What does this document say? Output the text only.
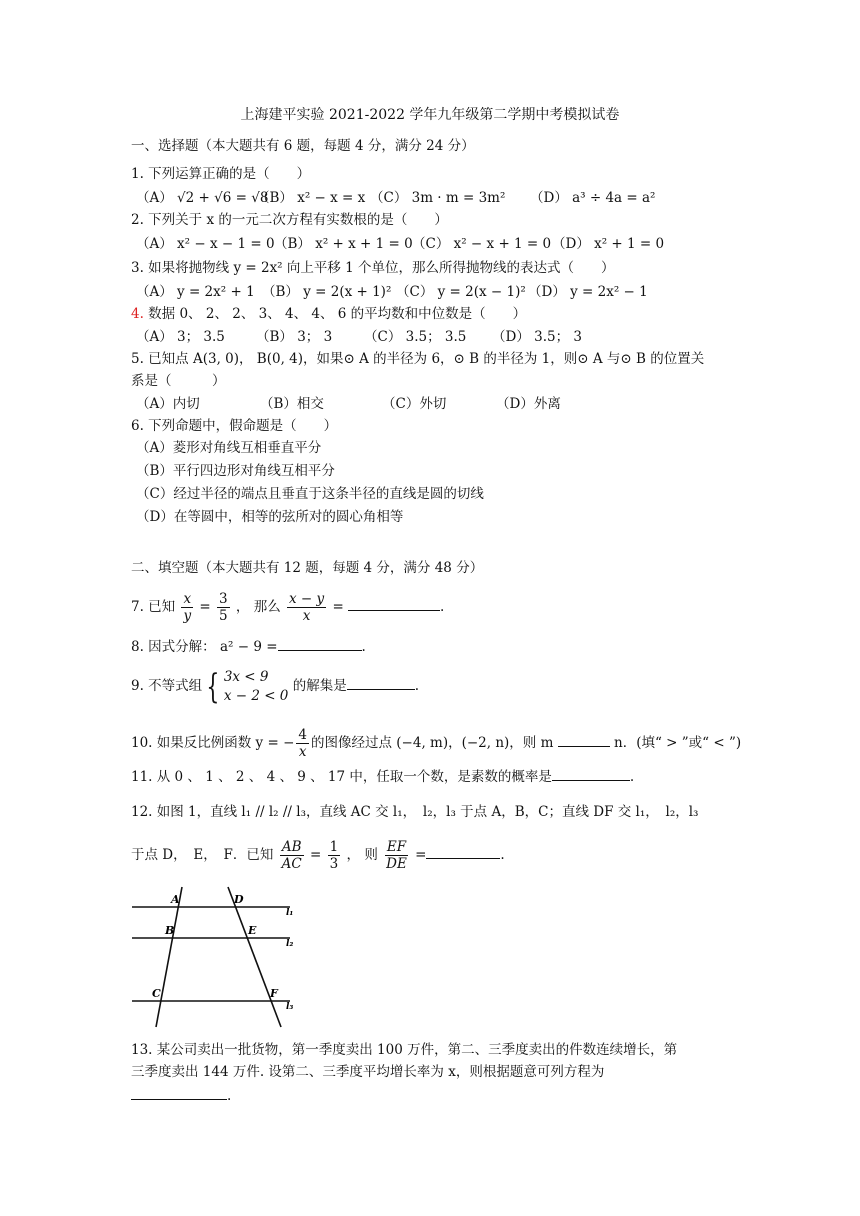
上海建平实验 2021-2022 学年九年级第二学期中考模拟试卷
一、选择题（本大题共有 6 题，每题 4 分，满分 24 分）
1. 下列运算正确的是（　　）
（A） √2 + √6 = √8（B） x² − x = x （C） 3m · m = 3m² （D） a³ ÷ 4a = a²
2. 下列关于 x 的一元二次方程有实数根的是（　　）
（A） x² − x − 1 = 0（B） x² + x + 1 = 0（C） x² − x + 1 = 0（D） x² + 1 = 0
3. 如果将抛物线 y = 2x² 向上平移 1 个单位，那么所得抛物线的表达式（　　）
（A） y = 2x² + 1 （B） y = 2(x + 1)² （C） y = 2(x − 1)² （D） y = 2x² − 1
4. 数据 0、 2、 2、 3、 4、 4、 6 的平均数和中位数是（　　）
（A） 3； 3.5 （B） 3； 3 （C） 3.5； 3.5 （D） 3.5； 3
5. 已知点 A(3, 0)， B(0, 4)，如果⊙ A 的半径为 6，⊙ B 的半径为 1，则⊙ A 与⊙ B 的位置关
系是（　　　）
（A）内切	（B）相交	（C）外切	（D）外离
6. 下列命题中，假命题是（　　）
（A）菱形对角线互相垂直平分
（B）平行四边形对角线互相平分
（C）经过半径的端点且垂直于这条半径的直线是圆的切线
（D）在等圆中，相等的弦所对的圆心角相等
二、填空题（本大题共有 12 题，每题 4 分，满分 48 分）
7. 已知 $\frac{x}{y} = \frac{3}{5}$ ， 那么 $\frac{x - y}{x}$ =	.
8. 因式分解： a² − 9 =	.
9. 不等式组 { 3x < 9
x − 2 < 0
的解集是	.
10. 如果反比例函数 y = − $\frac{4}{x}$ 的图像经过点 (−4, m)，(−2, n)，则 m	n．(填“ > ”或“ < ”)
11. 从 0 、 1 、 2 、 4 、 9 、 17 中，任取一个数，是素数的概率是	.
12. 如图 1，直线 l₁ // l₂ // l₃，直线 AC 交 l₁，　l₂，l₃ 于点 A，B，C；直线 DF 交 l₁，　l₂，l₃
于点 D，　E，　F．已知 $\frac{AB}{AC} = \frac{1}{3}$ ， 则 $\frac{EF}{DE}$ =	.
A	D
B	E
C	F
l₁
l₂
l₃
13. 某公司卖出一批货物，第一季度卖出 100 万件，第二、三季度卖出的件数连续增长，第
三季度卖出 144 万件. 设第二、三季度平均增长率为 x，则根据题意可列方程为
.
